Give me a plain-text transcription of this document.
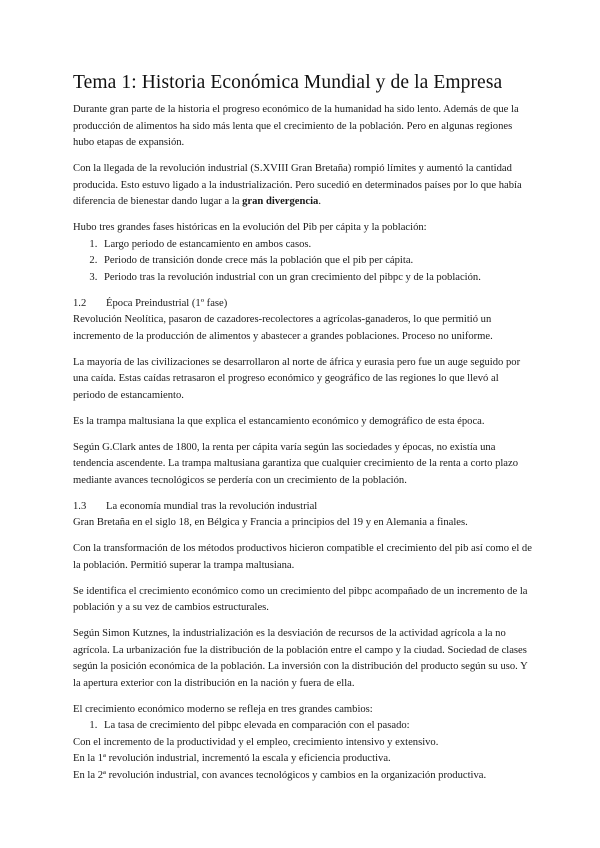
Tema 1: Historia Económica Mundial y de la Empresa

Durante gran parte de la historia el progreso económico de la humanidad ha sido lento. Además de que la producción de alimentos ha sido más lenta que el crecimiento de la población. Pero en algunas regiones hubo etapas de expansión.

Con la llegada de la revolución industrial (S.XVIII Gran Bretaña) rompió límites y aumentó la cantidad producida. Esto estuvo ligado a la industrialización. Pero sucedió en determinados países por lo que había diferencia de bienestar dando lugar a la gran divergencia.

Hubo tres grandes fases históricas en la evolución del Pib per cápita y la población:

1. Largo periodo de estancamiento en ambos casos.
2. Periodo de transición donde crece más la población que el pib per cápita.
3. Periodo tras la revolución industrial con un gran crecimiento del pibpc y de la población.
1.2 Época Preindustrial (1º fase)

Revolución Neolítica, pasaron de cazadores-recolectores a agrícolas-ganaderos, lo que permitió un incremento de la producción de alimentos y abastecer a grandes poblaciones. Proceso no uniforme.

La mayoría de las civilizaciones se desarrollaron al norte de áfrica y eurasia pero fue un auge seguido por una caída. Estas caídas retrasaron el progreso económico y geográfico de las regiones lo que llevó al periodo de estancamiento.

Es la trampa maltusiana la que explica el estancamiento económico y demográfico de esta época.

Según G.Clark antes de 1800, la renta per cápita varía según las sociedades y épocas, no existía una tendencia ascendente. La trampa maltusiana garantiza que cualquier crecimiento de la renta a corto plazo mediante avances tecnológicos se perdería con un crecimiento de la población.

1.3 La economía mundial tras la revolución industrial

Gran Bretaña en el siglo 18, en Bélgica y Francia a principios del 19 y en Alemania a finales.

Con la transformación de los métodos productivos hicieron compatible el crecimiento del pib así como el de la población. Permitió superar la trampa maltusiana.

Se identifica el crecimiento económico como un crecimiento del pibpc acompañado de un incremento de la población y a su vez de cambios estructurales.

Según Simon Kutznes, la industrialización es la desviación de recursos de la actividad agrícola a la no agrícola. La urbanización fue la distribución de la población entre el campo y la ciudad. Sociedad de clases según la posición económica de la población. La inversión con la distribución del producto según su uso. Y la apertura exterior con la distribución en la nación y fuera de ella.

El crecimiento económico moderno se refleja en tres grandes cambios:

1. La tasa de crecimiento del pibpc elevada en comparación con el pasado:

Con el incremento de la productividad y el empleo, crecimiento intensivo y extensivo.

En la 1ª revolución industrial, incrementó la escala y eficiencia productiva.

En la 2ª revolución industrial, con avances tecnológicos y cambios en la organización productiva.
